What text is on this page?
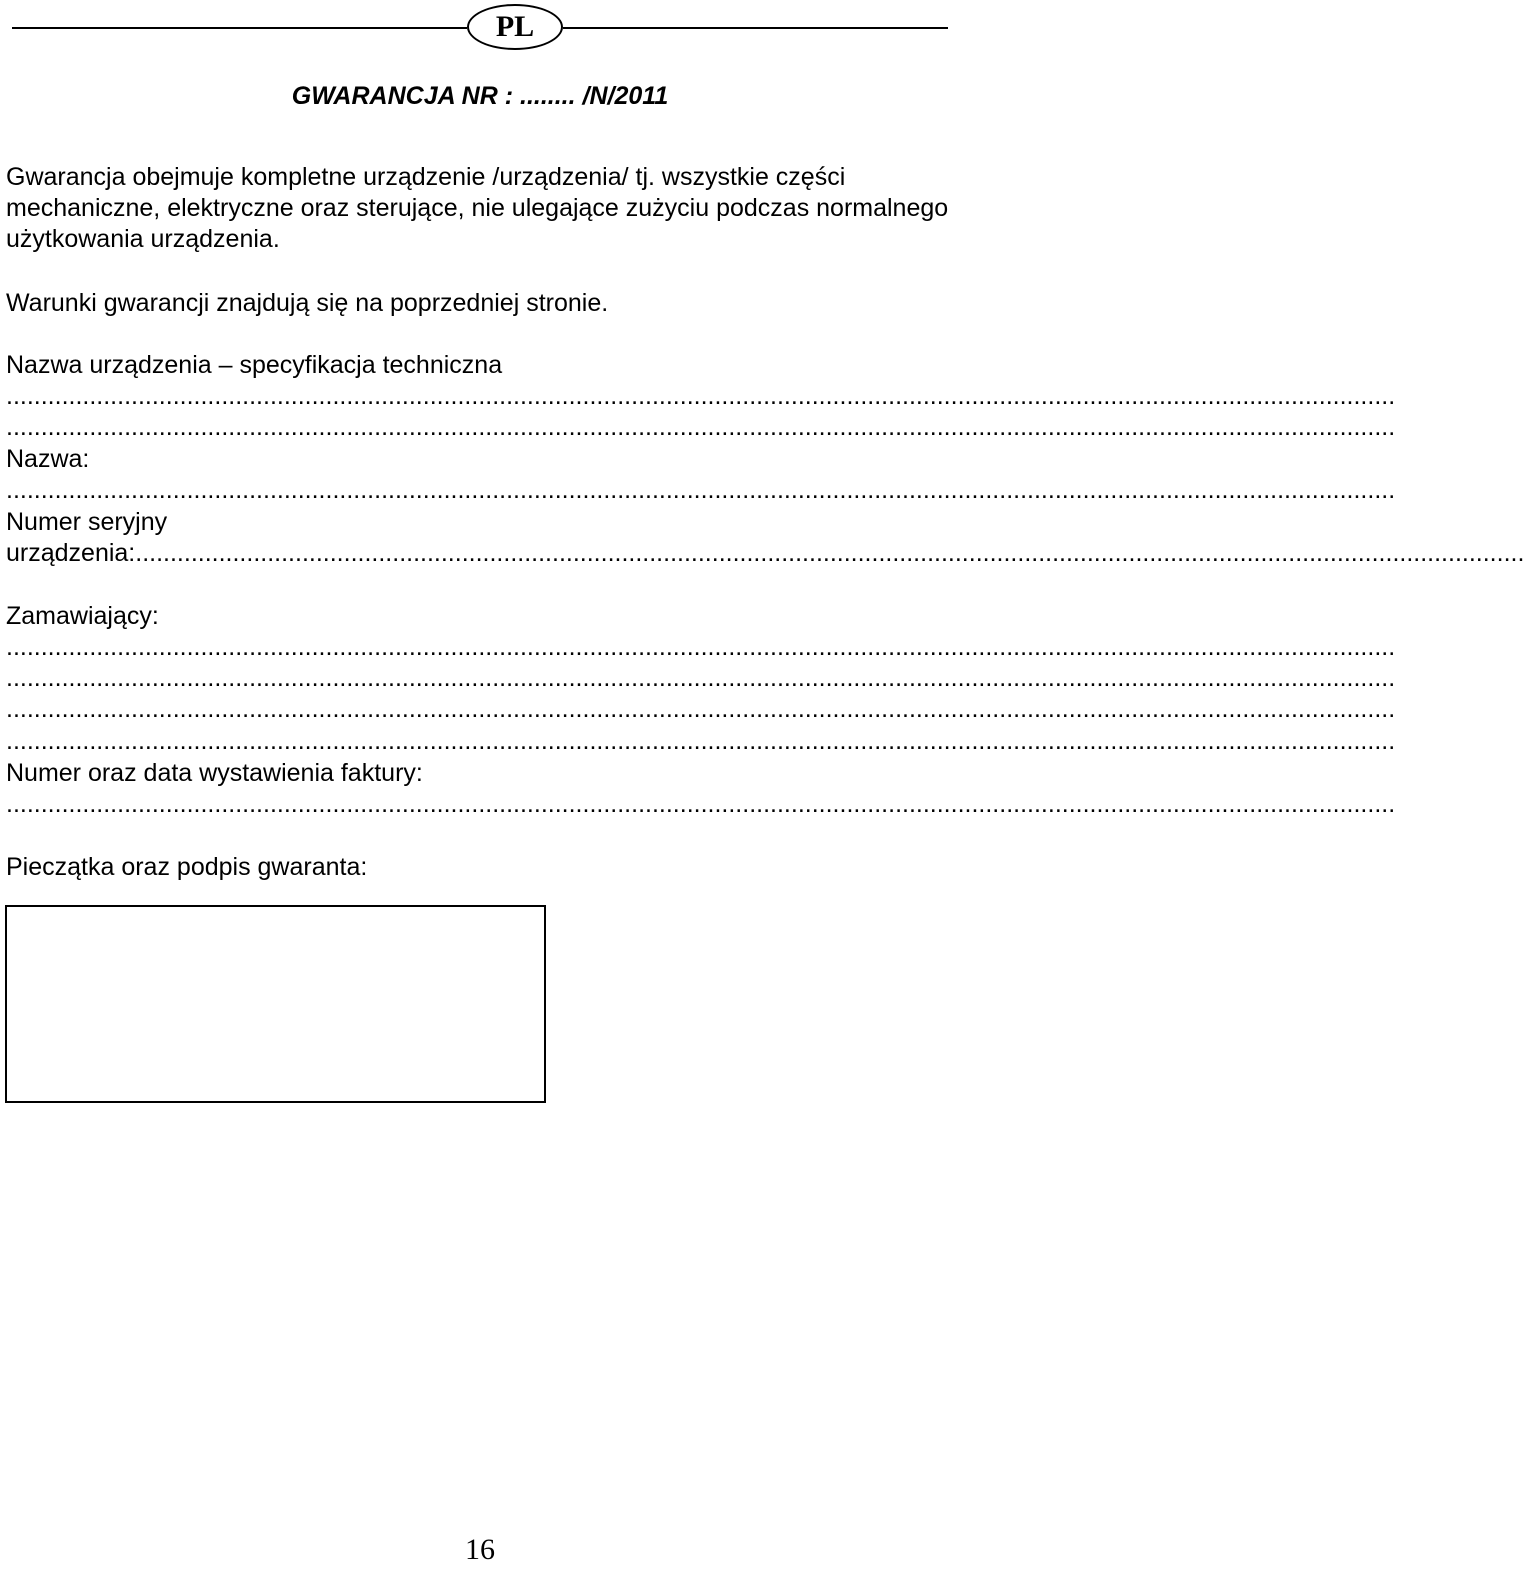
PL
GWARANCJA NR : ........ /N/2011
Gwarancja obejmuje kompletne urządzenie /urządzenia/ tj. wszystkie części mechaniczne, elektryczne oraz sterujące, nie ulegające zużyciu podczas normalnego użytkowania urządzenia.
Warunki gwarancji znajdują się na poprzedniej stronie.
Nazwa urządzenia – specyfikacja techniczna
........................................................................................................................................................................................................
........................................................................................................................................................................................................
Nazwa:
........................................................................................................................................................................................................
Numer seryjny
urządzenia:........................................................................................................................................................................................................
Zamawiający:
........................................................................................................................................................................................................
........................................................................................................................................................................................................
........................................................................................................................................................................................................
........................................................................................................................................................................................................
Numer oraz data wystawienia faktury:
........................................................................................................................................................................................................
Pieczątka oraz podpis gwaranta:
16
